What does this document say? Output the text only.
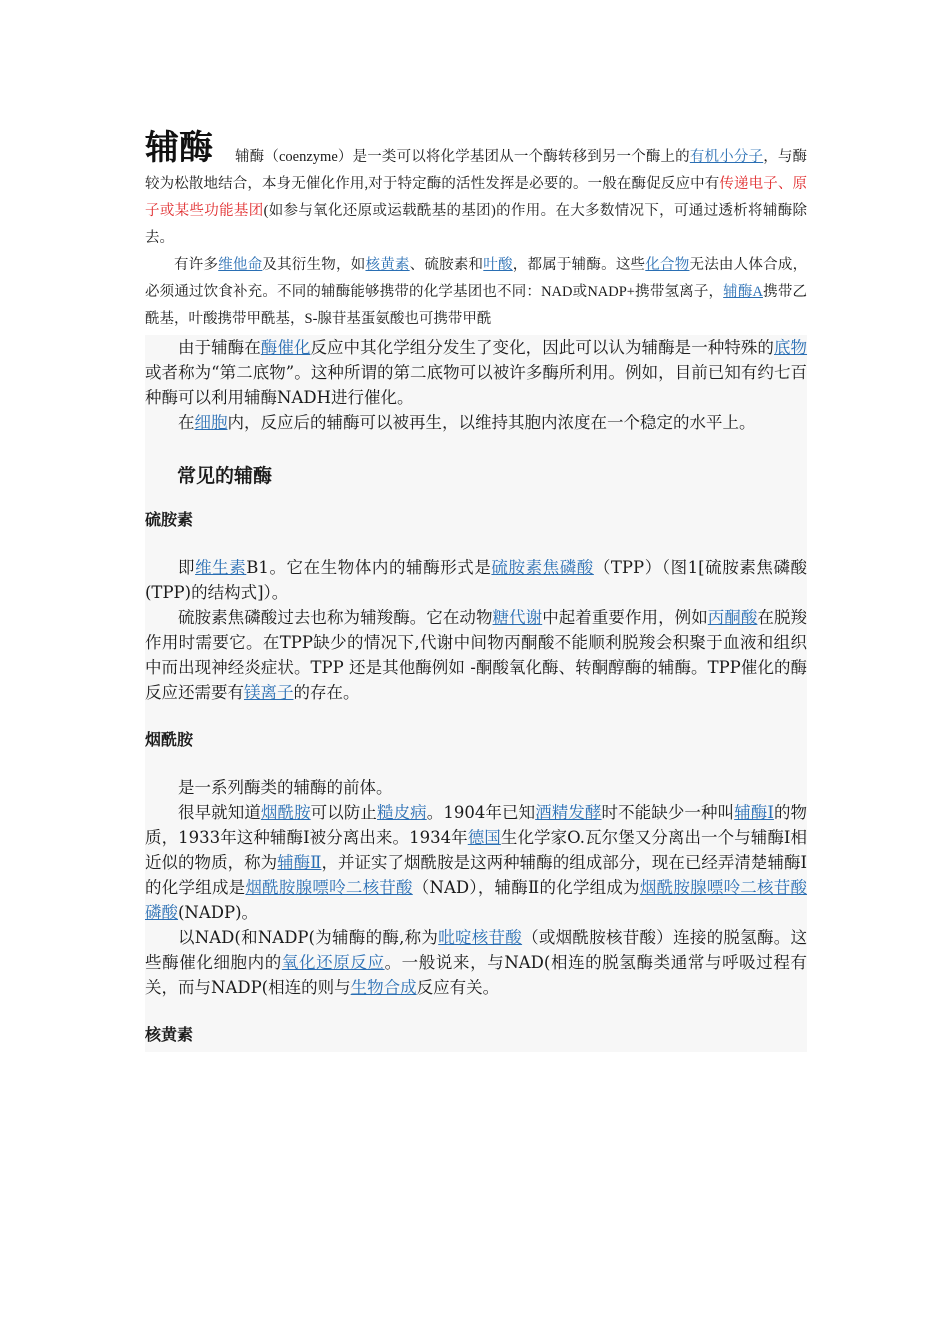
辅酶	辅酶（coenzyme）是一类可以将化学基团从一个酶转移到另一个酶上的有机小分子，与酶较为松散地结合，本身无催化作用,对于特定酶的活性发挥是必要的。一般在酶促反应中有传递电子、原子或某些功能基团(如参与氧化还原或运载酰基的基团)的作用。在大多数情况下，可通过透析将辅酶除去。

有许多维他命及其衍生物，如核黄素、硫胺素和叶酸，都属于辅酶。这些化合物无法由人体合成，必须通过饮食补充。不同的辅酶能够携带的化学基团也不同：NAD或NADP+携带氢离子，辅酶A携带乙酰基，叶酸携带甲酰基，S-腺苷基蛋氨酸也可携带甲酰

由于辅酶在酶催化反应中其化学组分发生了变化，因此可以认为辅酶是一种特殊的底物或者称为“第二底物”。这种所谓的第二底物可以被许多酶所利用。例如，目前已知有约七百种酶可以利用辅酶NADH进行催化。

在细胞内，反应后的辅酶可以被再生，以维持其胞内浓度在一个稳定的水平上。

常见的辅酶
硫胺素

即维生素B1。它在生物体内的辅酶形式是硫胺素焦磷酸（TPP）（图1[硫胺素焦磷酸(TPP)的结构式]）。

硫胺素焦磷酸过去也称为辅羧酶。它在动物糖代谢中起着重要作用，例如丙酮酸在脱羧作用时需要它。在TPP缺少的情况下,代谢中间物丙酮酸不能顺利脱羧会积聚于血液和组织中而出现神经炎症状。TPP 还是其他酶例如 -酮酸氧化酶、转酮醇酶的辅酶。TPP催化的酶反应还需要有镁离子的存在。

烟酰胺

是一系列酶类的辅酶的前体。

很早就知道烟酰胺可以防止糙皮病。1904年已知酒精发酵时不能缺少一种叫辅酶Ⅰ的物质，1933年这种辅酶Ⅰ被分离出来。1934年德国生化学家O.瓦尔堡又分离出一个与辅酶Ⅰ相近似的物质，称为辅酶Ⅱ，并证实了烟酰胺是这两种辅酶的组成部分，现在已经弄清楚辅酶Ⅰ的化学组成是烟酰胺腺嘌呤二核苷酸（NAD），辅酶Ⅱ的化学组成为烟酰胺腺嘌呤二核苷酸磷酸(NADP)。

以NAD(和NADP(为辅酶的酶,称为吡啶核苷酸（或烟酰胺核苷酸）连接的脱氢酶。这些酶催化细胞内的氧化还原反应。一般说来，与NAD(相连的脱氢酶类通常与呼吸过程有关，而与NADP(相连的则与生物合成反应有关。

核黄素
